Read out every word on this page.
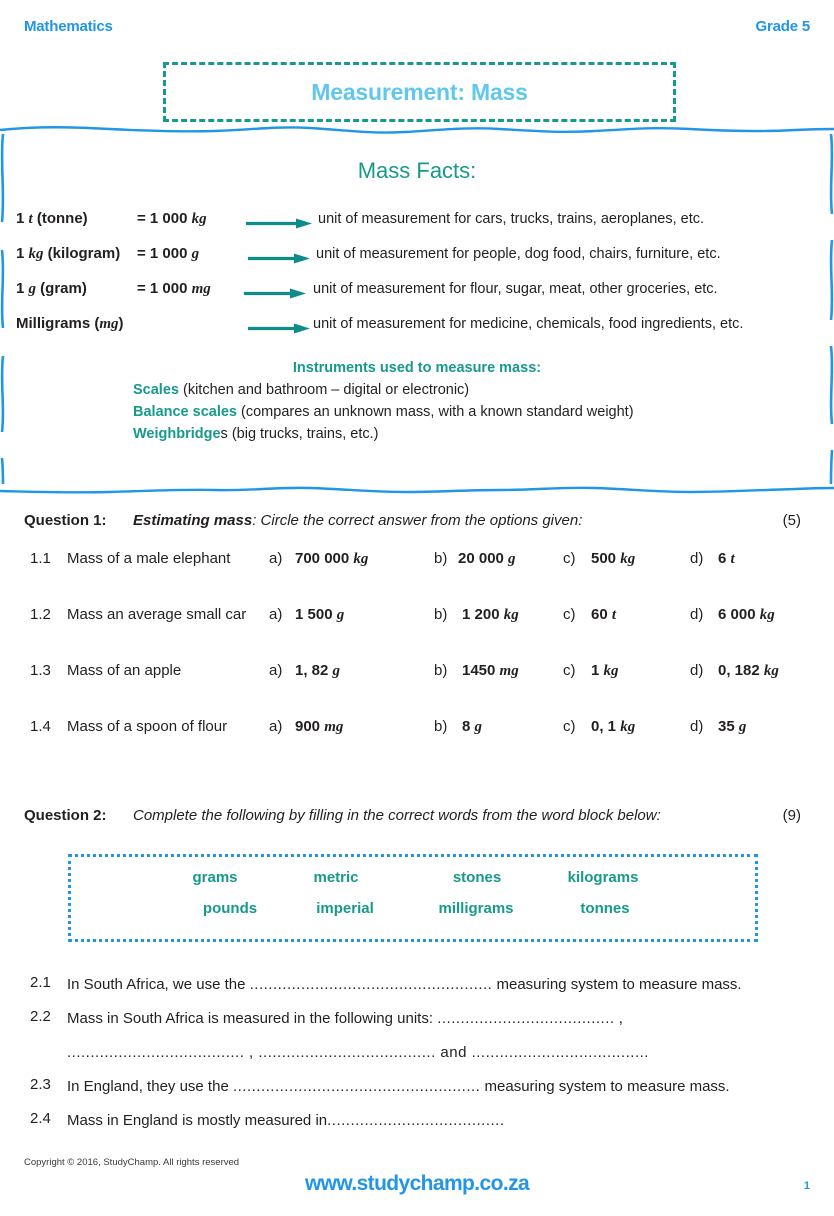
Mathematics	Grade 5
Measurement: Mass
Mass Facts:
1 t (tonne)	= 1 000 kg	unit of measurement for cars, trucks, trains, aeroplanes, etc.
1 kg (kilogram) = 1 000 g	unit of measurement for people, dog food, chairs, furniture, etc.
1 g (gram)	= 1 000 mg	unit of measurement for flour, sugar, meat, other groceries, etc.
Milligrams (mg)	unit of measurement for medicine, chemicals, food ingredients, etc.
Instruments used to measure mass:
Scales (kitchen and bathroom – digital or electronic)
Balance scales (compares an unknown mass, with a known standard weight)
Weighbridges (big trucks, trains, etc.)
Question 1: Estimating mass: Circle the correct answer from the options given:	(5)
1.1 Mass of a male elephant	a) 700 000 kg	b) 20 000 g	c) 500 kg	d) 6 t
1.2 Mass an average small car a) 1 500 g	b) 1 200 kg	c) 60 t	d) 6 000 kg
1.3 Mass of an apple	a) 1, 82 g	b) 1450 mg	c) 1 kg	d) 0, 182 kg
1.4 Mass of a spoon of flour	a) 900 mg	b) 8 g	c) 0, 1 kg	d) 35 g
Question 2: Complete the following by filling in the correct words from the word block below:	(9)
grams	metric	stones	kilograms
pounds	imperial	milligrams	tonnes
2.1	In South Africa, we use the .................................................... measuring system to measure mass.
2.2	Mass in South Africa is measured in the following units: ...................................... ,
...................................... , ...................................... and ......................................
2.3	In England, they use the ..................................................... measuring system to measure mass.
2.4	Mass in England is mostly measured in......................................
Copyright © 2016, StudyChamp. All rights reserved
www.studychamp.co.za	1
